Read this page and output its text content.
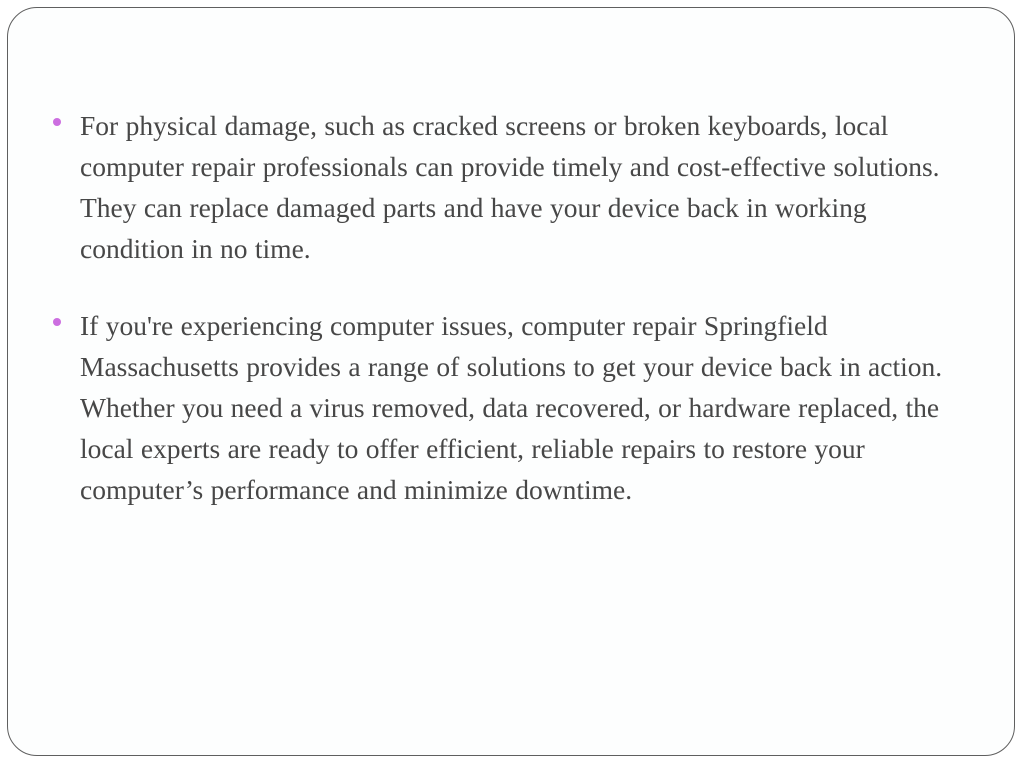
For physical damage, such as cracked screens or broken keyboards, local computer repair professionals can provide timely and cost-effective solutions. They can replace damaged parts and have your device back in working condition in no time.
If you're experiencing computer issues, computer repair Springfield Massachusetts provides a range of solutions to get your device back in action. Whether you need a virus removed, data recovered, or hardware replaced, the local experts are ready to offer efficient, reliable repairs to restore your computer’s performance and minimize downtime.
